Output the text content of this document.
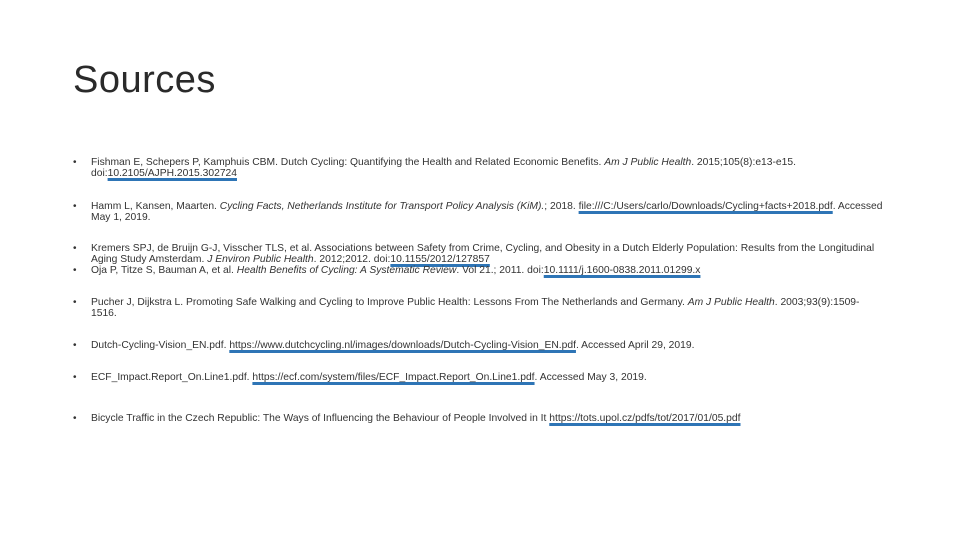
Sources
•	Fishman E, Schepers P, Kamphuis CBM. Dutch Cycling: Quantifying the Health and Related Economic Benefits. Am J Public Health. 2015;105(8):e13-e15. doi:10.2105/AJPH.2015.302724
•	Hamm L, Kansen, Maarten. Cycling Facts, Netherlands Institute for Transport Policy Analysis (KiM).; 2018. file:///C:/Users/carlo/Downloads/Cycling+facts+2018.pdf. Accessed May 1, 2019.
•	Kremers SPJ, de Bruijn G-J, Visscher TLS, et al. Associations between Safety from Crime, Cycling, and Obesity in a Dutch Elderly Population: Results from the Longitudinal Aging Study Amsterdam. J Environ Public Health. 2012;2012. doi:10.1155/2012/127857
•	Oja P, Titze S, Bauman A, et al. Health Benefits of Cycling: A Systematic Review. Vol 21.; 2011. doi:10.1111/j.1600-0838.2011.01299.x
•	Pucher J, Dijkstra L. Promoting Safe Walking and Cycling to Improve Public Health: Lessons From The Netherlands and Germany. Am J Public Health. 2003;93(9):1509-1516.
•	Dutch-Cycling-Vision_EN.pdf. https://www.dutchcycling.nl/images/downloads/Dutch-Cycling-Vision_EN.pdf. Accessed April 29, 2019.
•	ECF_Impact.Report_On.Line1.pdf. https://ecf.com/system/files/ECF_Impact.Report_On.Line1.pdf. Accessed May 3, 2019.
•	Bicycle Traffic in the Czech Republic: The Ways of Influencing the Behaviour of People Involved in It https://tots.upol.cz/pdfs/tot/2017/01/05.pdf
